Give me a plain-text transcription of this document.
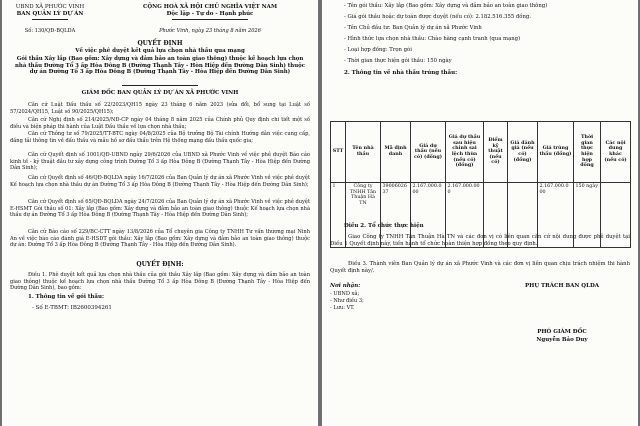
UBND XÃ PHƯỚC VINH
BAN QUẢN LÝ DỰ ÁN
Số: 130/QĐ-BQLDA
CỘNG HOÀ XÃ HỘI CHỦ NGHĨA VIỆT NAM
Độc lập - Tự do - Hạnh phúc
Phước Vinh, ngày 23 tháng 8 năm 2026
QUYẾT ĐỊNH
Về việc phê duyệt kết quả lựa chọn nhà thầu qua mạng
Gói thầu Xây lắp (Bao gồm: Xây dựng và đảm bảo an toàn giao thông) thuộc kế hoạch lựa chọn nhà thầu Đường Tổ 3 ấp Hòa Đông B (Đường Thạnh Tây - Hòn Hiệp đến Đường Dân Sinh) thuộc dự án Đường Tổ 3 ấp Hòa Đông B (Đường Thạnh Tây - Hòa Hiệp đến Đường Dân Sinh)
GIÁM ĐỐC BAN QUẢN LÝ DỰ ÁN XÃ PHƯỚC VINH
Căn cứ Luật Đấu thầu số 22/2023/QH15 ngày 23 tháng 6 năm 2023 (sửa đổi, bổ sung tại Luật số 57/2024/QH15, Luật số 90/2025/QH15);
Căn cứ Nghị định số 214/2025/NĐ-CP ngày 04 tháng 8 năm 2025 của Chính phủ Quy định chi tiết một số điều và biện pháp thi hành của Luật Đấu thầu về lựa chọn nhà thầu;
Căn cứ Thông tư số 79/2025/TT-BTC ngày 04/8/2025 của Bộ trưởng Bộ Tài chính Hướng dẫn việc cung cấp, đăng tải thông tin về đấu thầu và mẫu hồ sơ đấu thầu trên Hệ thống mạng đấu thầu quốc gia;
Căn cứ Quyết định số 1001/QĐ-UBND ngày 29/6/2026 của UBND xã Phước Vinh về việc phê duyệt Báo cáo kinh tế - kỹ thuật đầu tư xây dựng công trình Đường Tổ 3 ấp Hòa Đông B (Đường Thạnh Tây - Hòa Hiệp đến Đường Dân Sinh);
Căn cứ Quyết định số 46/QĐ-BQLDA ngày 16/7/2026 của Ban Quản lý dự án xã Phước Vinh về việc phê duyệt Kế hoạch lựa chọn nhà thầu dự án Đường Tổ 3 ấp Hòa Đông B (Đường Thạnh Tây - Hòa Hiệp đến Đường Dân Sinh);
Căn cứ Quyết định số 65/QĐ-BQLDA ngày 24/7/2026 của Ban Quản lý dự án xã Phước Vinh về việc phê duyệt E-HSMT Gói thầu số 01: Xây lắp (Bao gồm: Xây dựng và đảm bảo an toàn giao thông) thuộc Kế hoạch lựa chọn nhà thầu dự án Đường Tổ 3 ấp Hòa Đông B (Đường Thạnh Tây - Hòa Hiệp đến Đường Dân Sinh);
Căn cứ Báo cáo số 229/BC-CTT ngày 13/8/2026 của Tổ chuyên gia Công ty TNHH Tư vấn thương mại Ninh An về việc báo cáo đánh giá E-HSDT gói thầu: Xây lắp (Bao gồm: Xây dựng và đảm bảo an toàn giao thông) thuộc dự án: Đường Tổ 3 ấp Hòa Đông B (Đường Thạnh Tây - Hòa Hiệp đến Đường Dân Sinh).
QUYẾT ĐỊNH:
Điều 1. Phê duyệt kết quả lựa chọn nhà thầu của gói thầu Xây lắp (Bao gồm: Xây dựng và đảm bảo an toàn giao thông) thuộc kế hoạch lựa chọn nhà thầu Đường Tổ 3 ấp Hòa Đông B (Đường Thạnh Tây - Hòa Hiệp đến Đường Dân Sinh), bao gồm:
1. Thông tin về gói thầu:
- Số E-TBMT: IB2600394261
- Tên gói thầu: Xây lắp (Bao gồm: Xây dựng và đảm bảo an toàn giao thông)
- Giá gói thầu hoặc dự toán được duyệt (nếu có): 2.182.516.355 đồng.
- Tên Chủ đầu tư: Ban Quản lý dự án xã Phước Vinh
- Hình thức lựa chọn nhà thầu: Chào hàng cạnh tranh (qua mạng)
- Loại hợp đồng: Trọn gói
- Thời gian thực hiện gói thầu: 150 ngày
2. Thông tin về nhà thầu trúng thầu:
STT	Tên nhà thầu	Mã định danh	Giá dự thầu (nếu có) (đồng)	Giá dự thầu sau hiệu chỉnh sai lệch thừa (nếu có) (đồng)	Điểm kỹ thuật (nếu có)	Giá đánh giá (nếu có) (đồng)	Giá trúng thầu (đồng)	Thời gian thực hiện hợp đồng	Các nội dung khác (nếu có)
1	Công ty TNHH Tân Thuận Hà TN	3900602637	2.167.000.000	2.167.000.000			2.167.000.000	150 ngày	
Điều 2. Tổ chức thực hiện
Giao Công ty TNHH Tân Thuận Hà TN và các đơn vị có liên quan căn cứ nội dung được phê duyệt tại Điều 1 Quyết định này, tiến hành tổ chức hoàn thiện hợp đồng theo quy định.
Điều 3. Thành viên Ban Quản lý dự án xã Phước Vinh và các đơn vị liên quan chịu trách nhiệm thi hành Quyết định này/.
Nơi nhận:
- UBND xã;
- Như điều 3;
- Lưu: VT.
PHỤ TRÁCH BAN QLDA
PHÓ GIÁM ĐỐC
Nguyễn Bảo Duy
